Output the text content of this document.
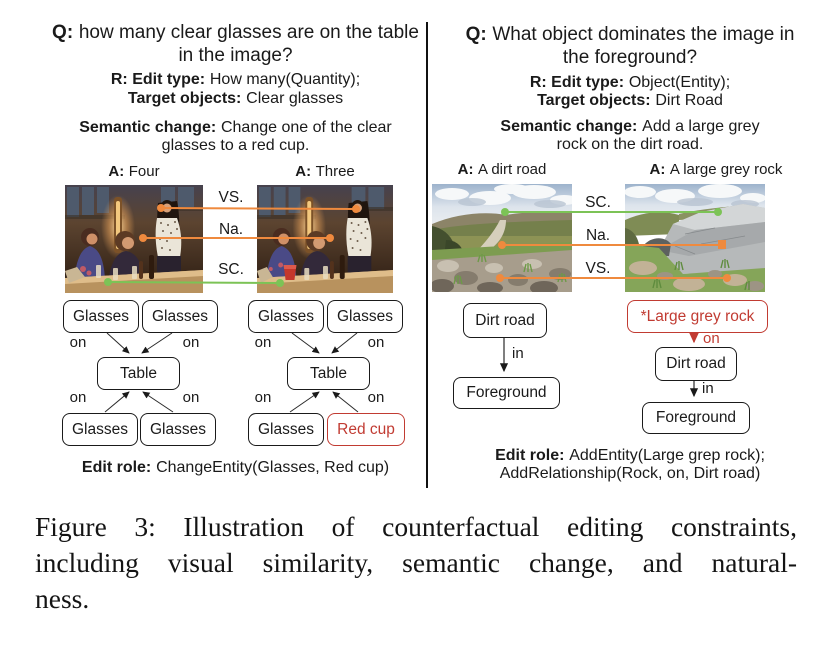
Q: how many clear glasses are on the table
in the image?
R: Edit type: How many(Quantity);
Target objects: Clear glasses
Semantic change: Change one of the clear
glasses to a red cup.
A: Four	A: Three
VS.
Na.
SC.
Glasses	Glasses
Table
Glasses	Glasses
on	on
on	on
Glasses	Glasses
Table
Glasses	Red cup
on	on
on	on
Edit role: ChangeEntity(Glasses, Red cup)
Q: What object dominates the image in
the foreground?
R: Edit type: Object(Entity);
Target objects: Dirt Road
Semantic change: Add a large grey
rock on the dirt road.
A: A dirt road	A: A large grey rock
SC.
Na.
VS.
Dirt road
in
Foreground
*Large grey rock
on
Dirt road
in
Foreground
Edit role: AddEntity(Large grep rock);
AddRelationship(Rock, on, Dirt road)
Figure 3: Illustration of counterfactual editing constraints,
including visual similarity, semantic change, and natural-
ness.
